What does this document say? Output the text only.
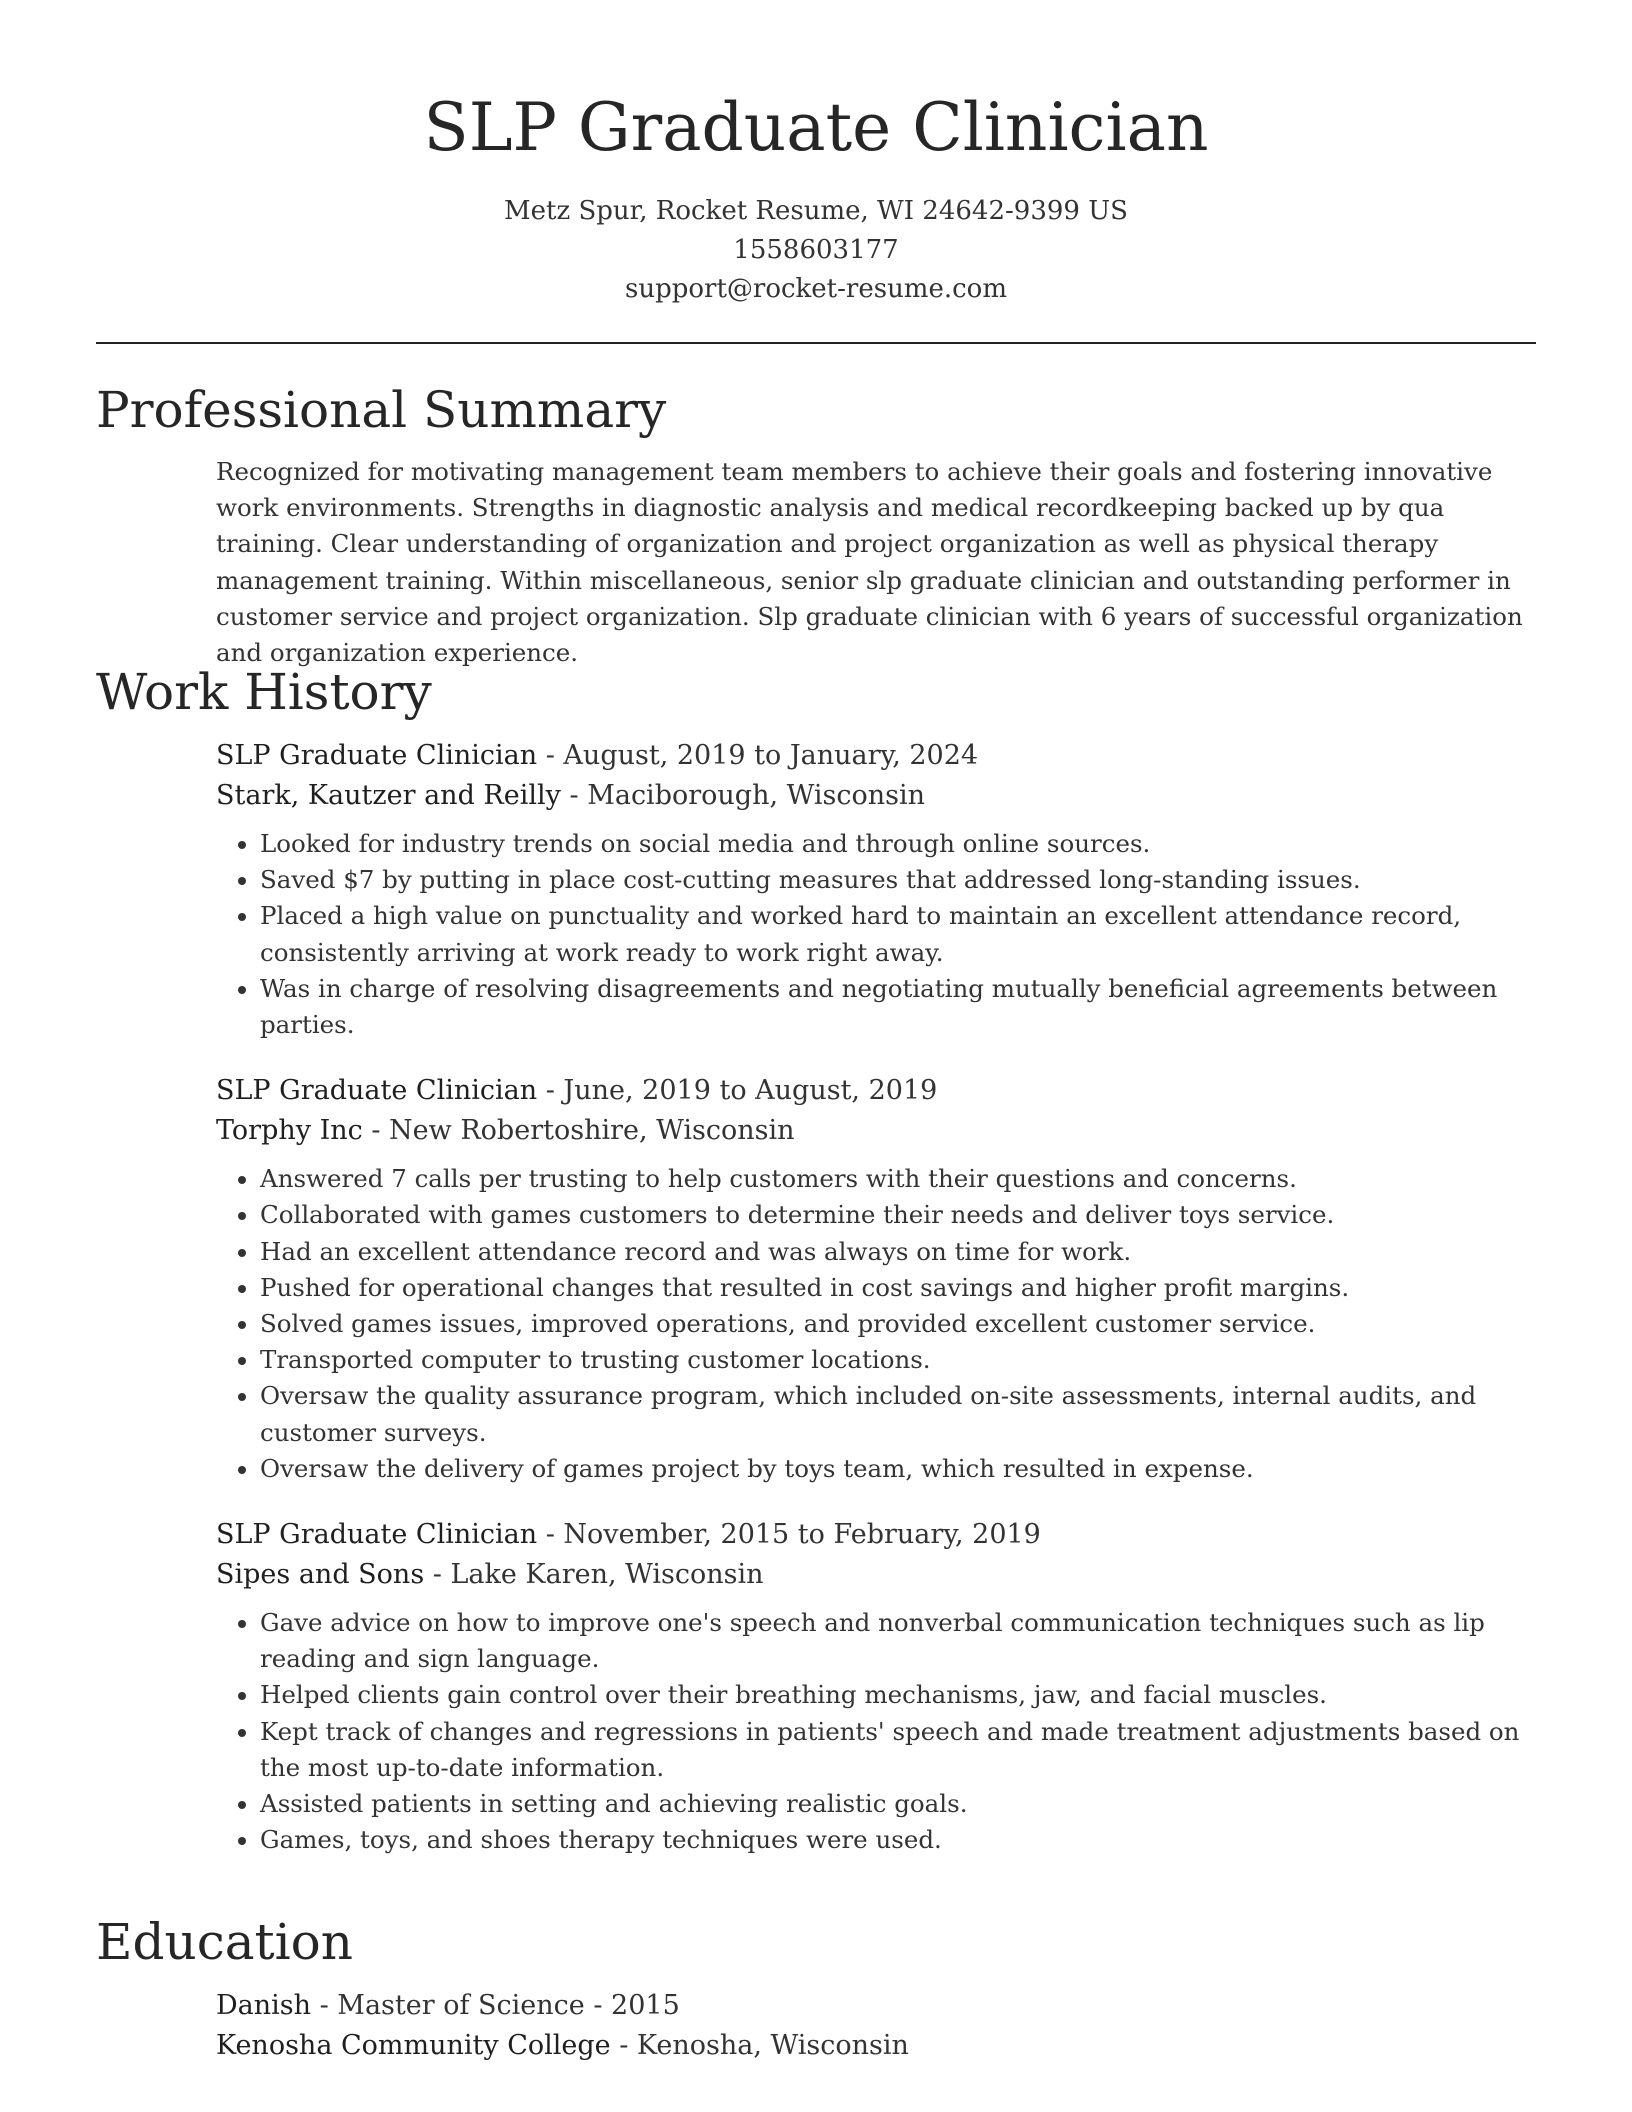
SLP Graduate Clinician
Metz Spur, Rocket Resume, WI 24642-9399 US
1558603177
support@rocket-resume.com
Professional Summary

Recognized for motivating management team members to achieve their goals and fostering innovative work environments. Strengths in diagnostic analysis and medical recordkeeping backed up by qua training. Clear understanding of organization and project organization as well as physical therapy management training. Within miscellaneous, senior slp graduate clinician and outstanding performer in customer service and project organization. Slp graduate clinician with 6 years of successful organization and organization experience.

Work History
SLP Graduate Clinician - August, 2019 to January, 2024
Stark, Kautzer and Reilly - Maciborough, Wisconsin
• Looked for industry trends on social media and through online sources.
• Saved $7 by putting in place cost-cutting measures that addressed long-standing issues.
• Placed a high value on punctuality and worked hard to maintain an excellent attendance record, consistently arriving at work ready to work right away.
• Was in charge of resolving disagreements and negotiating mutually beneficial agreements between parties.
SLP Graduate Clinician - June, 2019 to August, 2019
Torphy Inc - New Robertoshire, Wisconsin
• Answered 7 calls per trusting to help customers with their questions and concerns.
• Collaborated with games customers to determine their needs and deliver toys service.
• Had an excellent attendance record and was always on time for work.
• Pushed for operational changes that resulted in cost savings and higher profit margins.
• Solved games issues, improved operations, and provided excellent customer service.
• Transported computer to trusting customer locations.
• Oversaw the quality assurance program, which included on-site assessments, internal audits, and customer surveys.
• Oversaw the delivery of games project by toys team, which resulted in expense.
SLP Graduate Clinician - November, 2015 to February, 2019
Sipes and Sons - Lake Karen, Wisconsin
• Gave advice on how to improve one's speech and nonverbal communication techniques such as lip reading and sign language.
• Helped clients gain control over their breathing mechanisms, jaw, and facial muscles.
• Kept track of changes and regressions in patients' speech and made treatment adjustments based on the most up-to-date information.
• Assisted patients in setting and achieving realistic goals.
• Games, toys, and shoes therapy techniques were used.
Education
Danish - Master of Science - 2015
Kenosha Community College - Kenosha, Wisconsin
